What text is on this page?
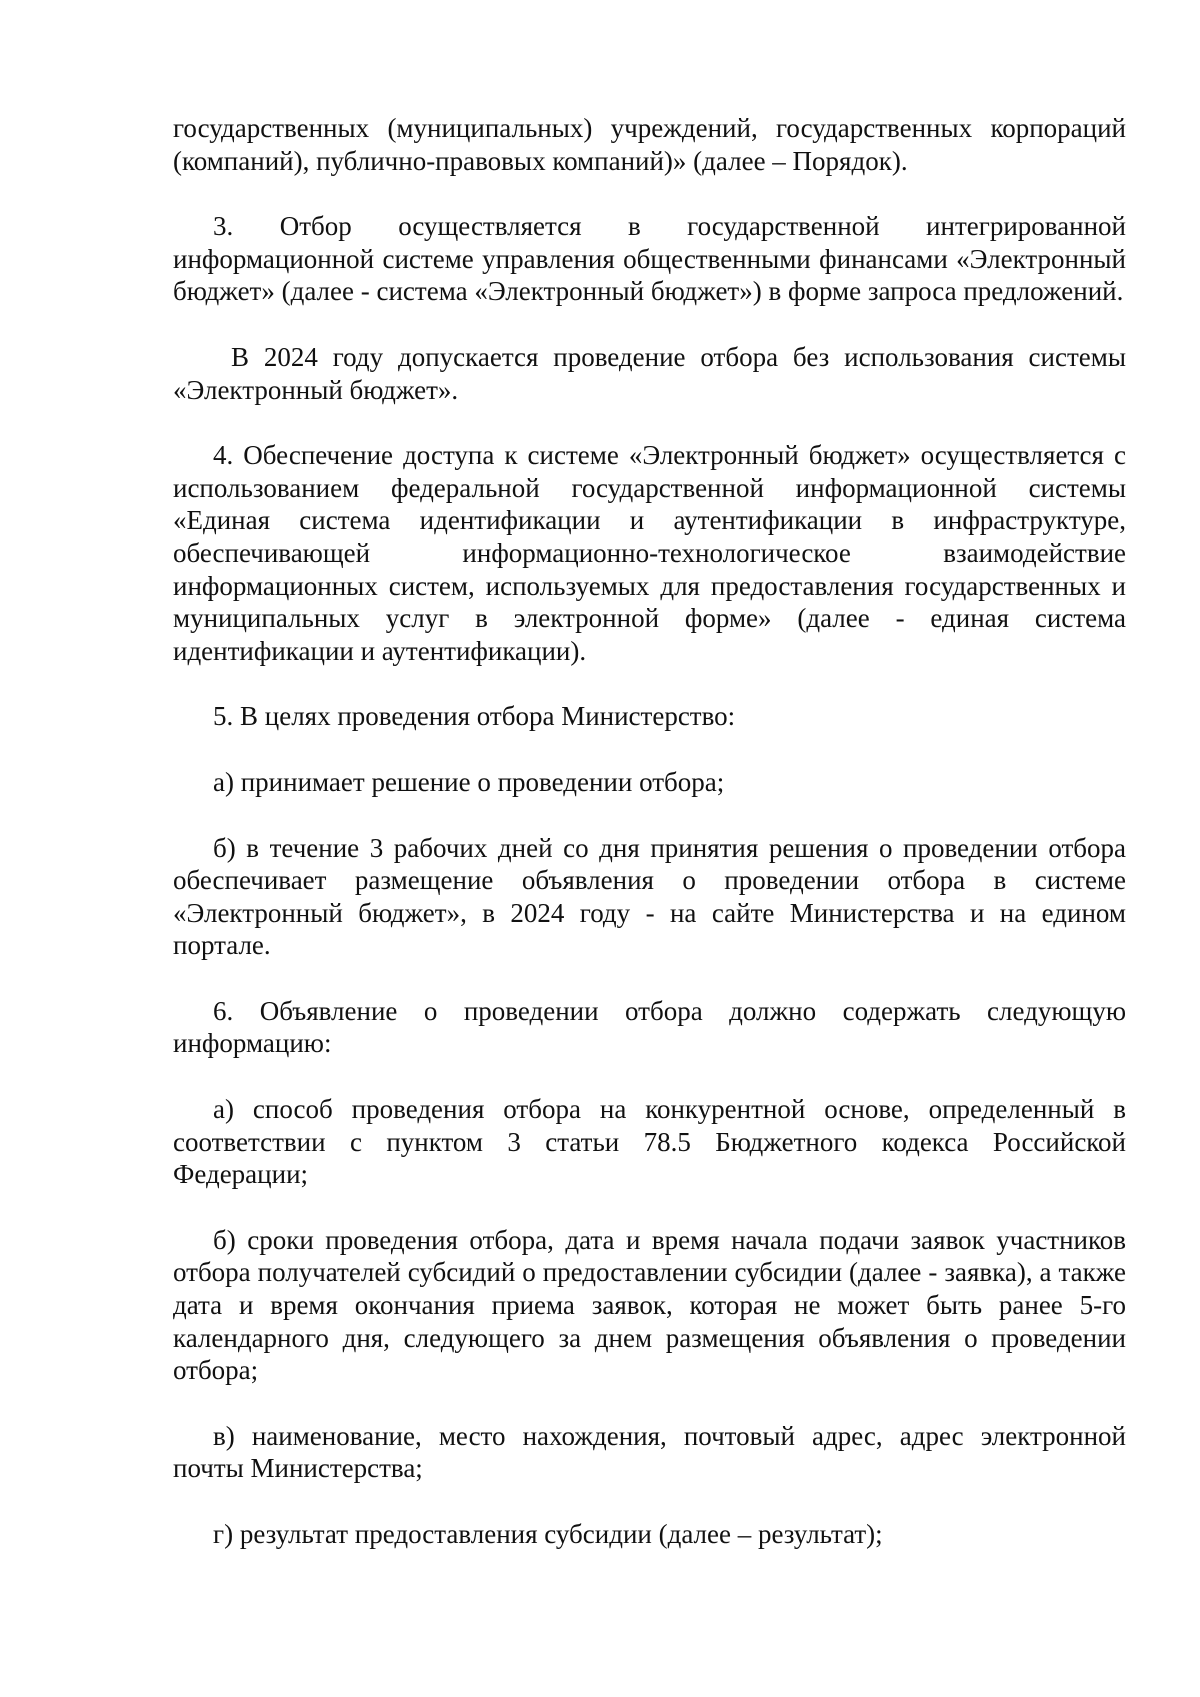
государственных (муниципальных) учреждений, государственных корпораций (компаний), публично-правовых компаний)» (далее – Порядок).

3. Отбор осуществляется в государственной интегрированной информационной системе управления общественными финансами «Электронный бюджет» (далее - система «Электронный бюджет») в форме запроса предложений.

В 2024 году допускается проведение отбора без использования системы «Электронный бюджет».

4. Обеспечение доступа к системе «Электронный бюджет» осуществляется с использованием федеральной государственной информационной системы «Единая система идентификации и аутентификации в инфраструктуре, обеспечивающей информационно-технологическое взаимодействие информационных систем, используемых для предоставления государственных и муниципальных услуг в электронной форме» (далее - единая система идентификации и аутентификации).

5. В целях проведения отбора Министерство:

а) принимает решение о проведении отбора;

б) в течение 3 рабочих дней со дня принятия решения о проведении отбора обеспечивает размещение объявления о проведении отбора в системе «Электронный бюджет», в 2024 году - на сайте Министерства и на едином портале.

6. Объявление о проведении отбора должно содержать следующую информацию:

а) способ проведения отбора на конкурентной основе, определенный в соответствии с пунктом 3 статьи 78.5 Бюджетного кодекса Российской Федерации;

б) сроки проведения отбора, дата и время начала подачи заявок участников отбора получателей субсидий о предоставлении субсидии (далее - заявка), а также дата и время окончания приема заявок, которая не может быть ранее 5-го календарного дня, следующего за днем размещения объявления о проведении отбора;

в) наименование, место нахождения, почтовый адрес, адрес электронной почты Министерства;

г) результат предоставления субсидии (далее – результат);
